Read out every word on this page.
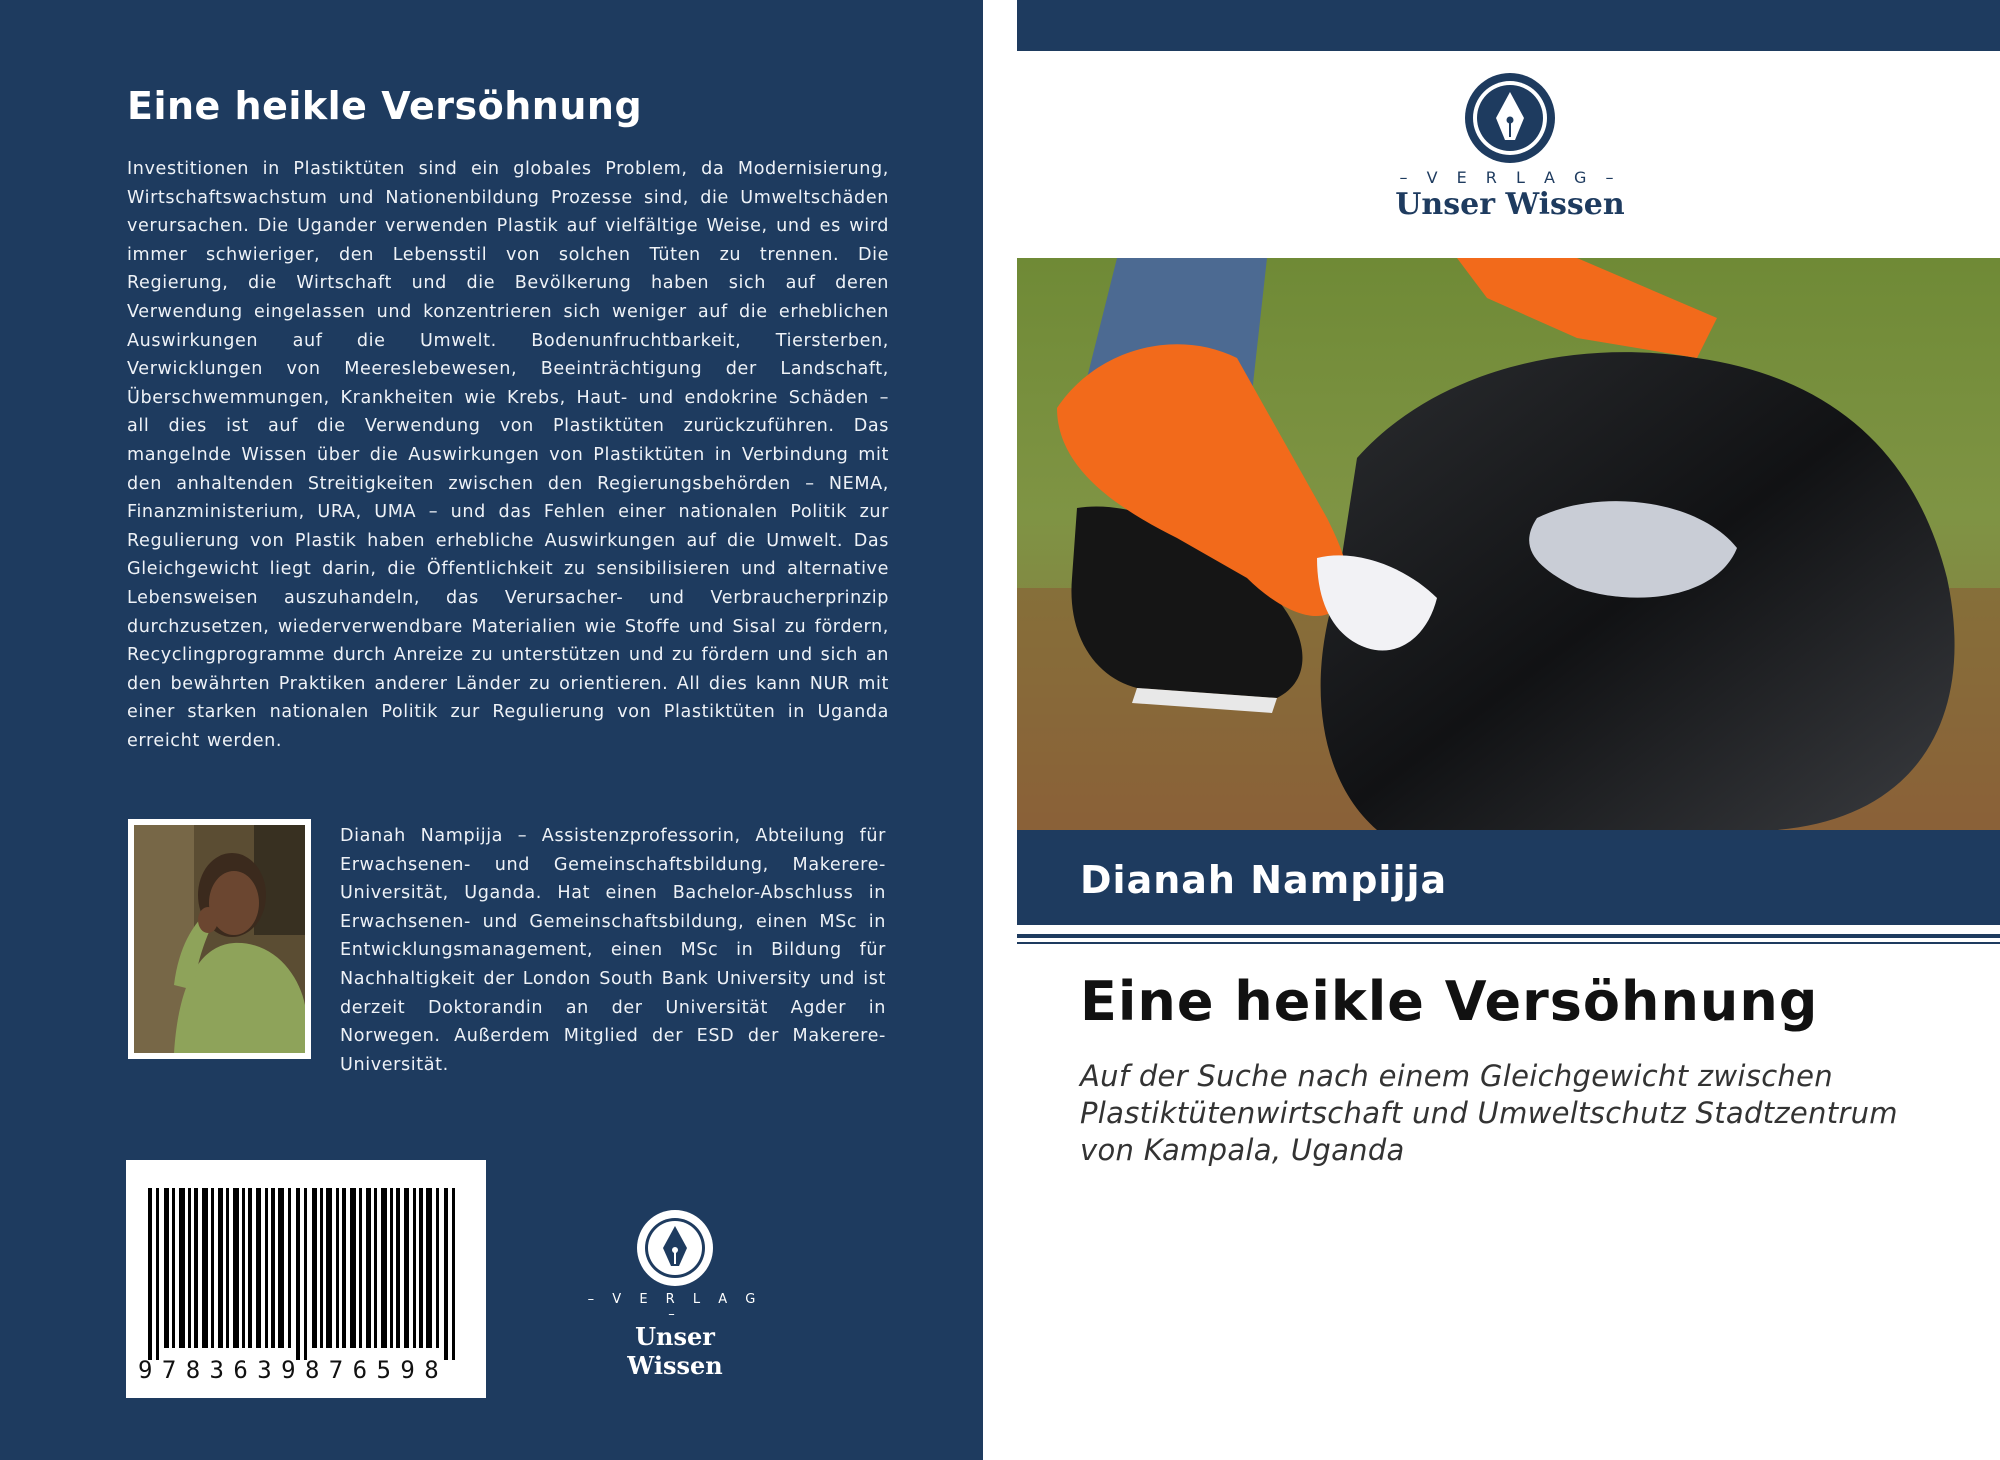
Eine heikle Versöhnung
Investitionen in Plastiktüten sind ein globales Problem, da Modernisierung, Wirtschaftswachstum und Nationenbildung Prozesse sind, die Umweltschäden verursachen. Die Ugander verwenden Plastik auf vielfältige Weise, und es wird immer schwieriger, den Lebensstil von solchen Tüten zu trennen. Die Regierung, die Wirtschaft und die Bevölkerung haben sich auf deren Verwendung eingelassen und konzentrieren sich weniger auf die erheblichen Auswirkungen auf die Umwelt. Bodenunfruchtbarkeit, Tiersterben, Verwicklungen von Meereslebewesen, Beeinträchtigung der Landschaft, Überschwemmungen, Krankheiten wie Krebs, Haut- und endokrine Schäden – all dies ist auf die Verwendung von Plastiktüten zurückzuführen. Das mangelnde Wissen über die Auswirkungen von Plastiktüten in Verbindung mit den anhaltenden Streitigkeiten zwischen den Regierungsbehörden – NEMA, Finanzministerium, URA, UMA – und das Fehlen einer nationalen Politik zur Regulierung von Plastik haben erhebliche Auswirkungen auf die Umwelt. Das Gleichgewicht liegt darin, die Öffentlichkeit zu sensibilisieren und alternative Lebensweisen auszuhandeln, das Verursacher- und Verbraucherprinzip durchzusetzen, wiederverwendbare Materialien wie Stoffe und Sisal zu fördern, Recyclingprogramme durch Anreize zu unterstützen und zu fördern und sich an den bewährten Praktiken anderer Länder zu orientieren. All dies kann NUR mit einer starken nationalen Politik zur Regulierung von Plastiktüten in Uganda erreicht werden.
Dianah Nampijja – Assistenzprofessorin, Abteilung für Erwachsenen- und Gemeinschaftsbildung, Makerere-Universität, Uganda. Hat einen Bachelor-Abschluss in Erwachsenen- und Gemeinschaftsbildung, einen MSc in Entwicklungsmanagement, einen MSc in Bildung für Nachhaltigkeit der London South Bank University und ist derzeit Doktorandin an der Universität Agder in Norwegen. Außerdem Mitglied der ESD der Makerere-Universität.
9783639876598
– V E R L A G –
Unser Wissen
– V E R L A G –
Unser Wissen
Dianah Nampijja
Eine heikle Versöhnung
Auf der Suche nach einem Gleichgewicht zwischen Plastiktütenwirtschaft und Umweltschutz Stadtzentrum von Kampala, Uganda
